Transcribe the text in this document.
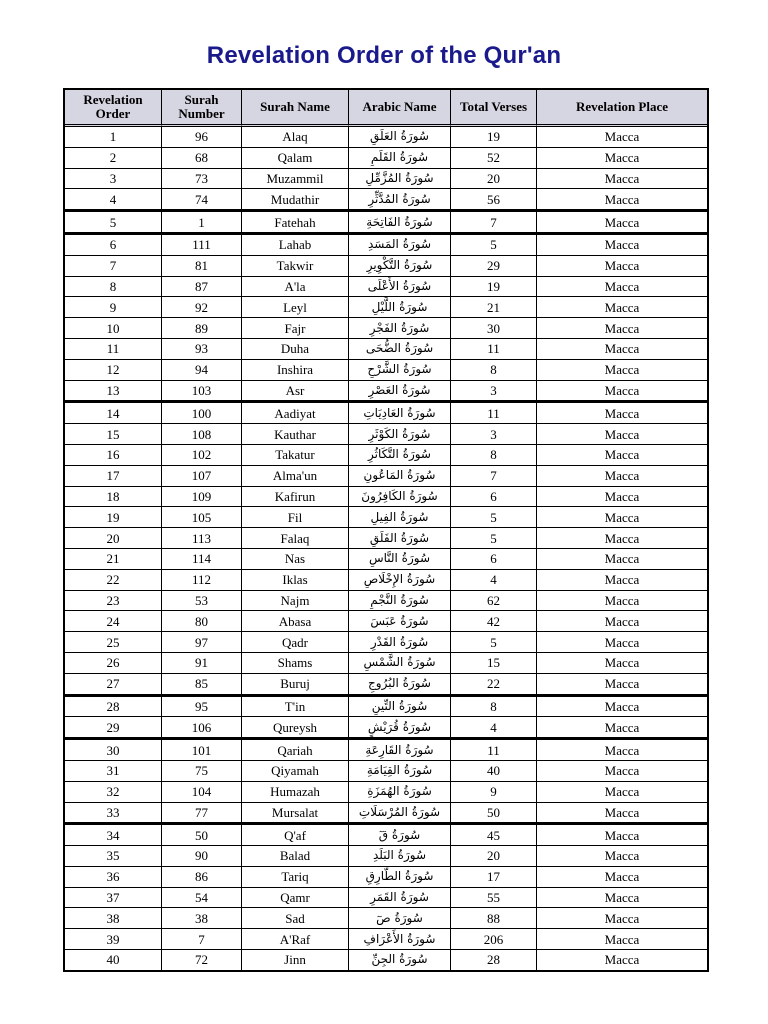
Revelation Order of the Qur'an
Revelation Order	Surah Number	Surah Name	Arabic Name	Total Verses	Revelation Place
1	96	Alaq	سُورَةُ العَلَقِ	19	Macca
2	68	Qalam	سُورَةُ القَلَمِ	52	Macca
3	73	Muzammil	سُورَةُ المُزَّمِّلِ	20	Macca
4	74	Mudathir	سُورَةُ المُدَّثِّرِ	56	Macca
5	1	Fatehah	سُورَةُ الفَاتِحَةِ	7	Macca
6	111	Lahab	سُورَةُ المَسَدِ	5	Macca
7	81	Takwir	سُورَةُ التَّكْوِيرِ	29	Macca
8	87	A'la	سُورَةُ الأَعْلَى	19	Macca
9	92	Leyl	سُورَةُ اللَّيْلِ	21	Macca
10	89	Fajr	سُورَةُ الفَجْرِ	30	Macca
11	93	Duha	سُورَةُ الضُّحَى	11	Macca
12	94	Inshira	سُورَةُ الشَّرْحِ	8	Macca
13	103	Asr	سُورَةُ العَصْرِ	3	Macca
14	100	Aadiyat	سُورَةُ العَادِيَاتِ	11	Macca
15	108	Kauthar	سُورَةُ الكَوْثَرِ	3	Macca
16	102	Takatur	سُورَةُ التَّكَاثُرِ	8	Macca
17	107	Alma'un	سُورَةُ المَاعُونِ	7	Macca
18	109	Kafirun	سُورَةُ الكَافِرُونَ	6	Macca
19	105	Fil	سُورَةُ الفِيلِ	5	Macca
20	113	Falaq	سُورَةُ الفَلَقِ	5	Macca
21	114	Nas	سُورَةُ النَّاسِ	6	Macca
22	112	Iklas	سُورَةُ الإِخْلَاصِ	4	Macca
23	53	Najm	سُورَةُ النَّجْمِ	62	Macca
24	80	Abasa	سُورَةُ عَبَسَ	42	Macca
25	97	Qadr	سُورَةُ القَدْرِ	5	Macca
26	91	Shams	سُورَةُ الشَّمْسِ	15	Macca
27	85	Buruj	سُورَةُ البُرُوجِ	22	Macca
28	95	T'in	سُورَةُ التِّينِ	8	Macca
29	106	Qureysh	سُورَةُ قُرَيْشٍ	4	Macca
30	101	Qariah	سُورَةُ القَارِعَةِ	11	Macca
31	75	Qiyamah	سُورَةُ القِيَامَةِ	40	Macca
32	104	Humazah	سُورَةُ الهُمَزَةِ	9	Macca
33	77	Mursalat	سُورَةُ المُرْسَلَاتِ	50	Macca
34	50	Q'af	سُورَةُ قٓ	45	Macca
35	90	Balad	سُورَةُ البَلَدِ	20	Macca
36	86	Tariq	سُورَةُ الطَّارِقِ	17	Macca
37	54	Qamr	سُورَةُ القَمَرِ	55	Macca
38	38	Sad	سُورَةُ صٓ	88	Macca
39	7	A'Raf	سُورَةُ الأَعْرَافِ	206	Macca
40	72	Jinn	سُورَةُ الجِنِّ	28	Macca
